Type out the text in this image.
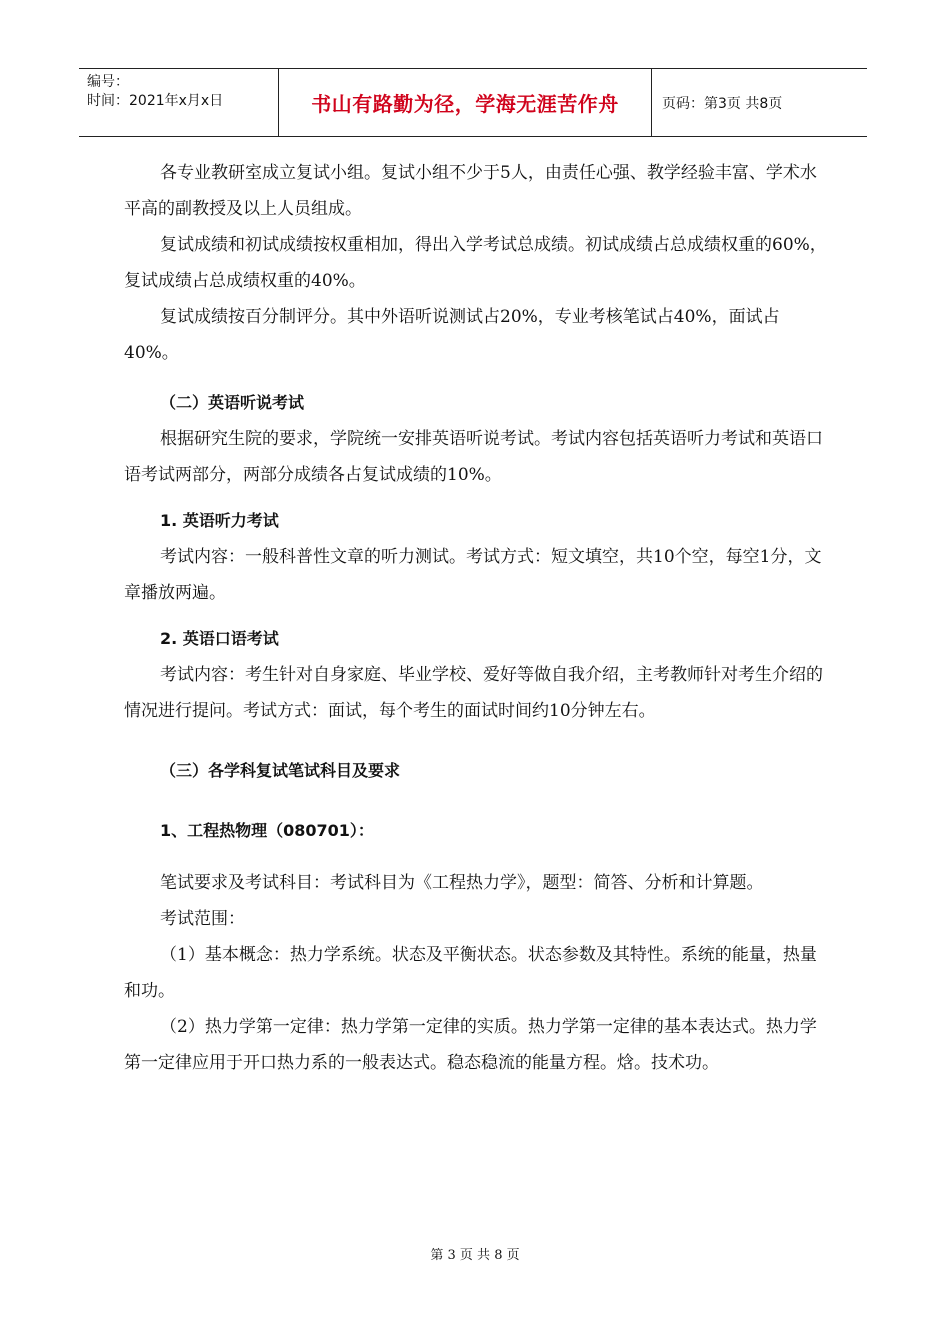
编号：
时间：2021年x月x日	书山有路勤为径，学海无涯苦作舟	页码：第3页 共8页

各专业教研室成立复试小组。复试小组不少于5人，由责任心强、教学经验丰富、学术水平高的副教授及以上人员组成。

复试成绩和初试成绩按权重相加，得出入学考试总成绩。初试成绩占总成绩权重的60%，复试成绩占总成绩权重的40%。

复试成绩按百分制评分。其中外语听说测试占20%，专业考核笔试占40%，面试占40%。

（二）英语听说考试

根据研究生院的要求，学院统一安排英语听说考试。考试内容包括英语听力考试和英语口语考试两部分，两部分成绩各占复试成绩的10%。

1. 英语听力考试

考试内容：一般科普性文章的听力测试。考试方式：短文填空，共10个空，每空1分，文章播放两遍。

2. 英语口语考试

考试内容：考生针对自身家庭、毕业学校、爱好等做自我介绍，主考教师针对考生介绍的情况进行提问。考试方式：面试，每个考生的面试时间约10分钟左右。

（三）各学科复试笔试科目及要求

1、工程热物理（080701）：

笔试要求及考试科目：考试科目为《工程热力学》，题型：简答、分析和计算题。

考试范围：

（1）基本概念：热力学系统。状态及平衡状态。状态参数及其特性。系统的能量，热量和功。

（2）热力学第一定律：热力学第一定律的实质。热力学第一定律的基本表达式。热力学第一定律应用于开口热力系的一般表达式。稳态稳流的能量方程。焓。技术功。

第 3 页 共 8 页
